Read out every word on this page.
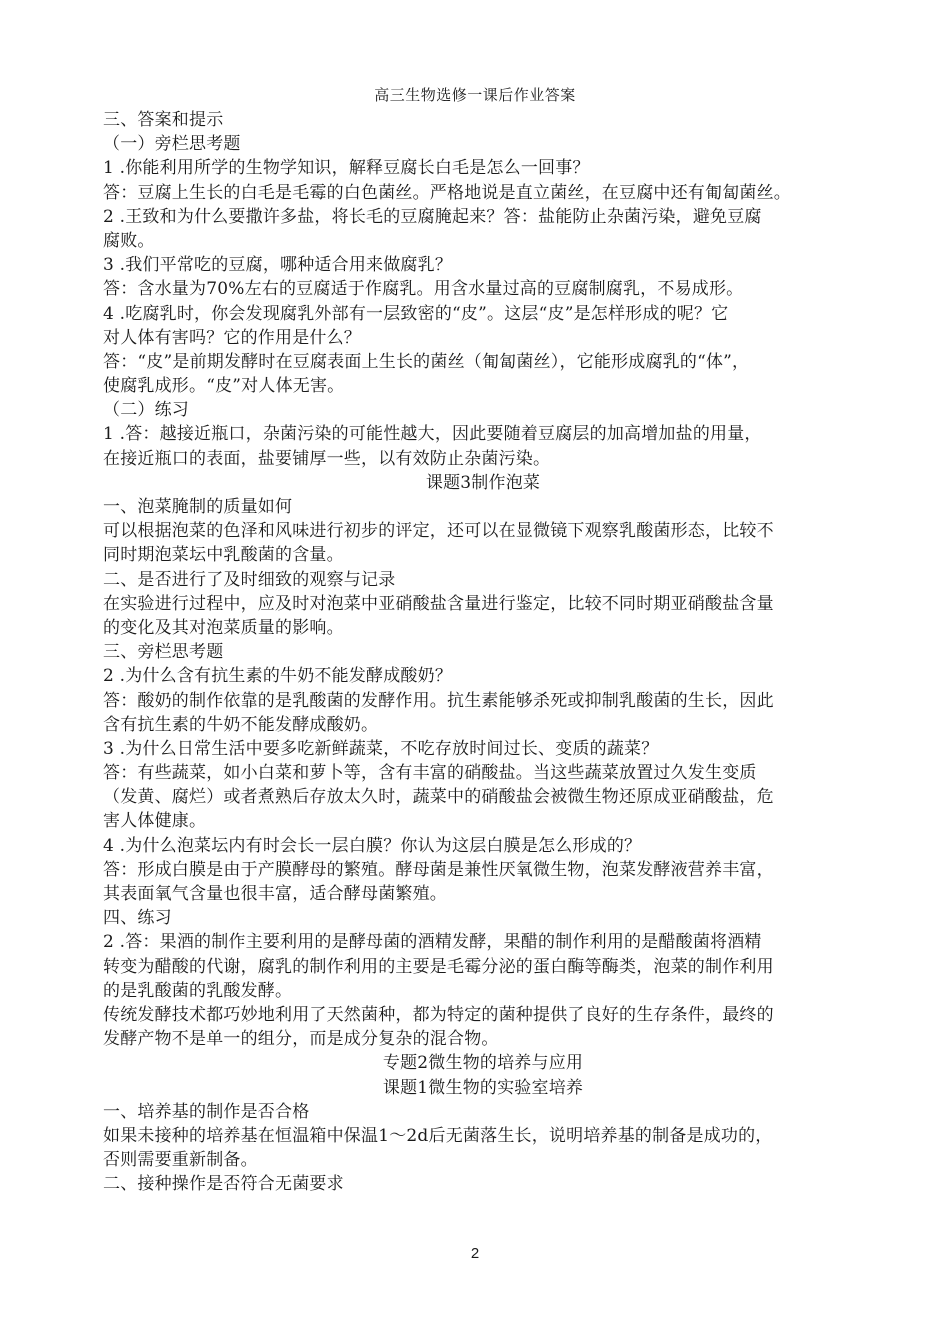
高三生物选修一课后作业答案
三、答案和提示
（一）旁栏思考题
1 .你能利用所学的生物学知识，解释豆腐长白毛是怎么一回事？
答：豆腐上生长的白毛是毛霉的白色菌丝。严格地说是直立菌丝，在豆腐中还有匍匐菌丝。
2 .王致和为什么要撒许多盐，将长毛的豆腐腌起来？答：盐能防止杂菌污染，避免豆腐
腐败。
3 .我们平常吃的豆腐，哪种适合用来做腐乳？
答：含水量为70%左右的豆腐适于作腐乳。用含水量过高的豆腐制腐乳，不易成形。
4 .吃腐乳时，你会发现腐乳外部有一层致密的“皮”。这层“皮”是怎样形成的呢？它
对人体有害吗？它的作用是什么？
答：“皮”是前期发酵时在豆腐表面上生长的菌丝（匍匐菌丝），它能形成腐乳的“体”，
使腐乳成形。“皮”对人体无害。
（二）练习
1 .答：越接近瓶口，杂菌污染的可能性越大，因此要随着豆腐层的加高增加盐的用量，
在接近瓶口的表面，盐要铺厚一些，以有效防止杂菌污染。
课题3制作泡菜
一、泡菜腌制的质量如何
可以根据泡菜的色泽和风味进行初步的评定，还可以在显微镜下观察乳酸菌形态，比较不
同时期泡菜坛中乳酸菌的含量。
二、是否进行了及时细致的观察与记录
在实验进行过程中，应及时对泡菜中亚硝酸盐含量进行鉴定，比较不同时期亚硝酸盐含量
的变化及其对泡菜质量的影响。
三、旁栏思考题
2 .为什么含有抗生素的牛奶不能发酵成酸奶？
答：酸奶的制作依靠的是乳酸菌的发酵作用。抗生素能够杀死或抑制乳酸菌的生长，因此
含有抗生素的牛奶不能发酵成酸奶。
3 .为什么日常生活中要多吃新鲜蔬菜，不吃存放时间过长、变质的蔬菜？
答：有些蔬菜，如小白菜和萝卜等，含有丰富的硝酸盐。当这些蔬菜放置过久发生变质
（发黄、腐烂）或者煮熟后存放太久时，蔬菜中的硝酸盐会被微生物还原成亚硝酸盐，危
害人体健康。
4 .为什么泡菜坛内有时会长一层白膜？你认为这层白膜是怎么形成的？
答：形成白膜是由于产膜酵母的繁殖。酵母菌是兼性厌氧微生物，泡菜发酵液营养丰富，
其表面氧气含量也很丰富，适合酵母菌繁殖。
四、练习
2 .答：果酒的制作主要利用的是酵母菌的酒精发酵，果醋的制作利用的是醋酸菌将酒精
转变为醋酸的代谢，腐乳的制作利用的主要是毛霉分泌的蛋白酶等酶类，泡菜的制作利用
的是乳酸菌的乳酸发酵。
传统发酵技术都巧妙地利用了天然菌种，都为特定的菌种提供了良好的生存条件，最终的
发酵产物不是单一的组分，而是成分复杂的混合物。
专题2微生物的培养与应用
课题1微生物的实验室培养
一、培养基的制作是否合格
如果未接种的培养基在恒温箱中保温1～2d后无菌落生长，说明培养基的制备是成功的，
否则需要重新制备。
二、接种操作是否符合无菌要求
2
